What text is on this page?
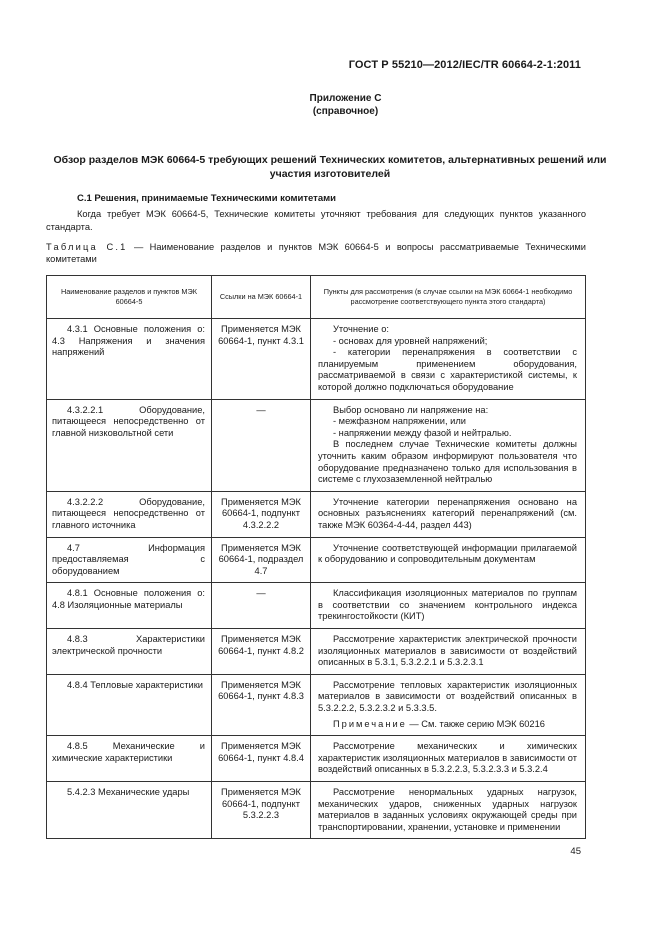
ГОСТ Р 55210—2012/IEC/TR 60664-2-1:2011
Приложение С
(справочное)
Обзор разделов МЭК 60664-5 требующих решений Технических комитетов, альтернативных решений или участия изготовителей
С.1 Решения, принимаемые Техническими комитетами
Когда требует МЭК 60664-5, Технические комитеты уточняют требования для следующих пунктов указанного стандарта.
Таблица С.1 — Наименование разделов и пунктов МЭК 60664-5 и вопросы рассматриваемые Техническими комитетами
Наименование разделов и пунктов МЭК 60664-5	Ссылки на МЭК 60664-1	Пункты для рассмотрения (в случае ссылки на МЭК 60664-1 необходимо рассмотрение соответствующего пункта этого стандарта)
4.3.1 Основные положения о: 4.3 Напряжения и значения напряжений	Применяется МЭК 60664-1, пункт 4.3.1	Уточнение о:
- основах для уровней напряжений;
- категории перенапряжения в соответствии с планируемым применением оборудования, рассматриваемой в связи с характеристикой системы, к которой должно подключаться оборудование

4.3.2.2.1 Оборудование, питающееся непосредственно от главной низковольтной сети	—	Выбор основано ли напряжение на:
- межфазном напряжении, или
- напряжении между фазой и нейтралью.
В последнем случае Технические комитеты должны уточнить каким образом информируют пользователя что оборудование предназначено только для использования в системе с глухозаземленной нейтралью

4.3.2.2.2 Оборудование, питающееся непосредственно от главного источника	Применяется МЭК 60664-1, подпункт 4.3.2.2.2	Уточнение категории перенапряжения основано на основных разъяснениях категорий перенапряжений (см. также МЭК 60364-4-44, раздел 443)

4.7 Информация предоставляемая с оборудованием	Применяется МЭК 60664-1, подраздел 4.7	Уточнение соответствующей информации прилагаемой к оборудованию и сопроводительным документам

4.8.1 Основные положения о: 4.8 Изоляционные материалы	—	Классификация изоляционных материалов по группам в соответствии со значением контрольного индекса трекингостойкости (КИТ)

4.8.3 Характеристики электрической прочности	Применяется МЭК 60664-1, пункт 4.8.2	Рассмотрение характеристик электрической прочности изоляционных материалов в зависимости от воздействий описанных в 5.3.1, 5.3.2.2.1 и 5.3.2.3.1

4.8.4 Тепловые характеристики	Применяется МЭК 60664-1, пункт 4.8.3	Рассмотрение тепловых характеристик изоляционных материалов в зависимости от воздействий описанных в 5.3.2.2.2, 5.3.2.3.2 и 5.3.3.5.
Примечание — См. также серию МЭК 60216

4.8.5 Механические и химические характеристики	Применяется МЭК 60664-1, пункт 4.8.4	Рассмотрение механических и химических характеристик изоляционных материалов в зависимости от воздействий описанных в 5.3.2.2.3, 5.3.2.3.3 и 5.3.2.4

5.4.2.3 Механические удары	Применяется МЭК 60664-1, подпункт 5.3.2.2.3	Рассмотрение ненормальных ударных нагрузок, механических ударов, сниженных ударных нагрузок материалов в заданных условиях окружающей среды при транспортировании, хранении, установке и применении
45
